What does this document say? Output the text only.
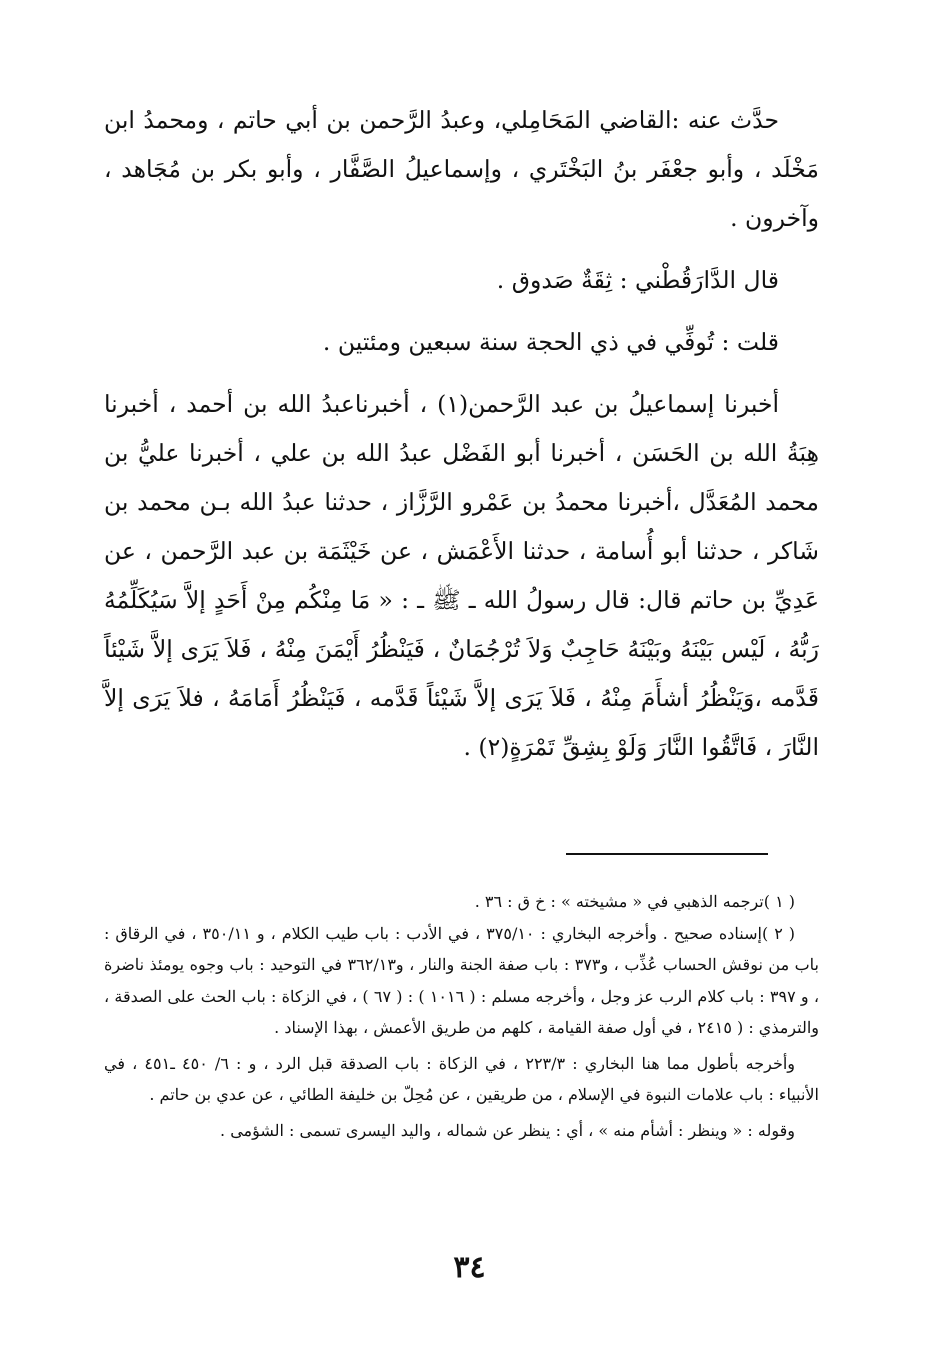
حدَّث عنه :القاضي المَحَامِلي، وعبدُ الرَّحمن بن أبي حاتم ، ومحمدُ ابن مَخْلَد ، وأبو جعْفَر بنُ البَخْتَري ، وإسماعيلُ الصَّفَّار ، وأبو بكر بن مُجَاهد ، وآخرون .

قال الدَّارَقُطْني : ثِقَةٌ صَدوق .

قلت : تُوفِّي في ذي الحجة سنة سبعين ومئتين .

أخبرنا إسماعيلُ بن عبد الرَّحمن(١) ، أخبرناعبدُ الله بن أحمد ، أخبرنا هِبَةُ الله بن الحَسَن ، أخبرنا أبو الفَضْل عبدُ الله بن علي ، أخبرنا عليُّ بن محمد المُعَدَّل ،أخبرنا محمدُ بن عَمْرو الرَّزَّاز ، حدثنا عبدُ الله بـن محمد بن شَاكر ، حدثنا أبو أُسامة ، حدثنا الأَعْمَش ، عن خَيْثَمَة بن عبد الرَّحمن ، عن عَدِيِّ بن حاتم قال: قال رسولُ الله ـ ﷺ ـ : « مَا مِنْكُم مِنْ أَحَدٍ إلاَّ سَيُكَلِّمُهُ رَبُّهُ ، لَيْس بَيْنَهُ وبَيْنَهُ حَاجِبٌ وَلاَ تُرْجُمَانٌ ، فَيَنْظُرُ أَيْمَنَ مِنْهُ ، فَلاَ يَرَى إلاَّ شَيْئاً قَدَّمه ،وَيَنْظُرُ أشأَمَ مِنْهُ ، فَلاَ يَرَى إلاَّ شَيْئاً قَدَّمه ، فَيَنْظُرُ أَمَامَهُ ، فلاَ يَرَى إلاَّ النَّارَ ، فَاتَّقُوا النَّارَ وَلَوْ بِشِقِّ تَمْرَةٍ(٢) .

( ١ )ترجمه الذهبي في « مشيخته » : خ ق : ٣٦ .

( ٢ )إسناده صحيح . وأخرجه البخاري : ٣٧٥/١٠ ، في الأدب : باب طيب الكلام ، و ٣٥٠/١١ ، في الرقاق : باب من نوقش الحساب عُذِّب ، و٣٧٣ : باب صفة الجنة والنار ، و٣٦٢/١٣ في التوحيد : باب وجوه يومئذ ناضرة ، و ٣٩٧ : باب كلام الرب عز وجل ، وأخرجه مسلم : ( ١٠١٦ ) : ( ٦٧ ) ، في الزكاة : باب الحث على الصدقة ، والترمذي : ( ٢٤١٥ ، في أول صفة القيامة ، كلهم من طريق الأعمش ، بهذا الإسناد .

وأخرجه بأطول مما هنا البخاري : ٢٢٣/٣ ، في الزكاة : باب الصدقة قبل الرد ، و : ٦/ ٤٥٠ ـ٤٥١ ، في الأنبياء : باب علامات النبوة في الإسلام ، من طريقين ، عن مُحِلّ بن خليفة الطائي ، عن عدي بن حاتم .

وقوله : « وينظر : أشأم منه » ، أي : ينظر عن شماله ، واليد اليسرى تسمى : الشؤمى .

٣٤
